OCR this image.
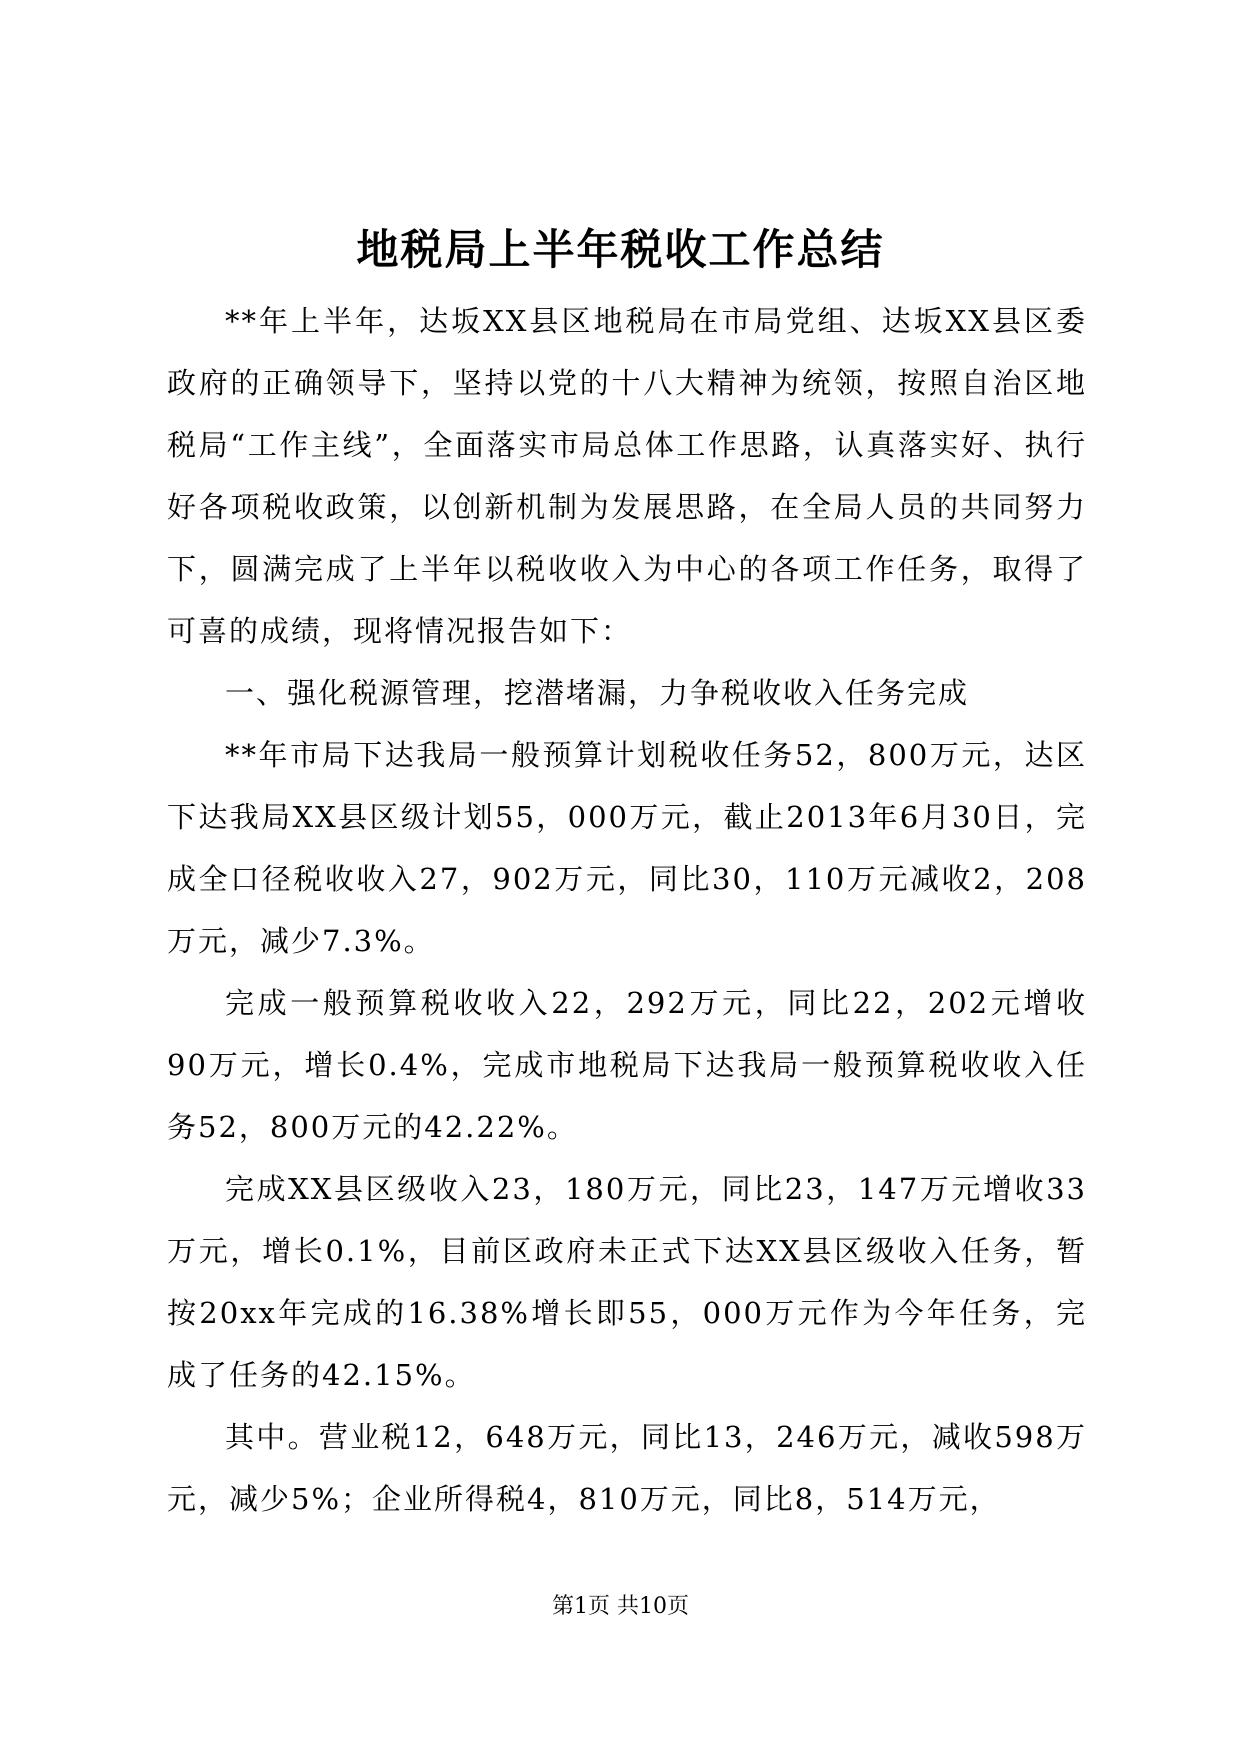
地税局上半年税收工作总结

**年上半年，达坂XX县区地税局在市局党组、达坂XX县区委政府的正确领导下，坚持以党的十八大精神为统领，按照自治区地税局“工作主线”，全面落实市局总体工作思路，认真落实好、执行好各项税收政策，以创新机制为发展思路，在全局人员的共同努力下，圆满完成了上半年以税收收入为中心的各项工作任务，取得了可喜的成绩，现将情况报告如下：

一、强化税源管理，挖潜堵漏，力争税收收入任务完成

**年市局下达我局一般预算计划税收任务52，800万元，达区下达我局XX县区级计划55，000万元，截止2013年6月30日，完成全口径税收收入27，902万元，同比30，110万元减收2，208万元，减少7.3%。

完成一般预算税收收入22，292万元，同比22，202元增收90万元，增长0.4%，完成市地税局下达我局一般预算税收收入任务52，800万元的42.22%。

完成XX县区级收入23，180万元，同比23，147万元增收33万元，增长0.1%，目前区政府未正式下达XX县区级收入任务，暂按20xx年完成的16.38%增长即55，000万元作为今年任务，完成了任务的42.15%。

其中。营业税12，648万元，同比13，246万元，减收598万元，减少5%；企业所得税4，810万元，同比8，514万元，

第1页 共10页
